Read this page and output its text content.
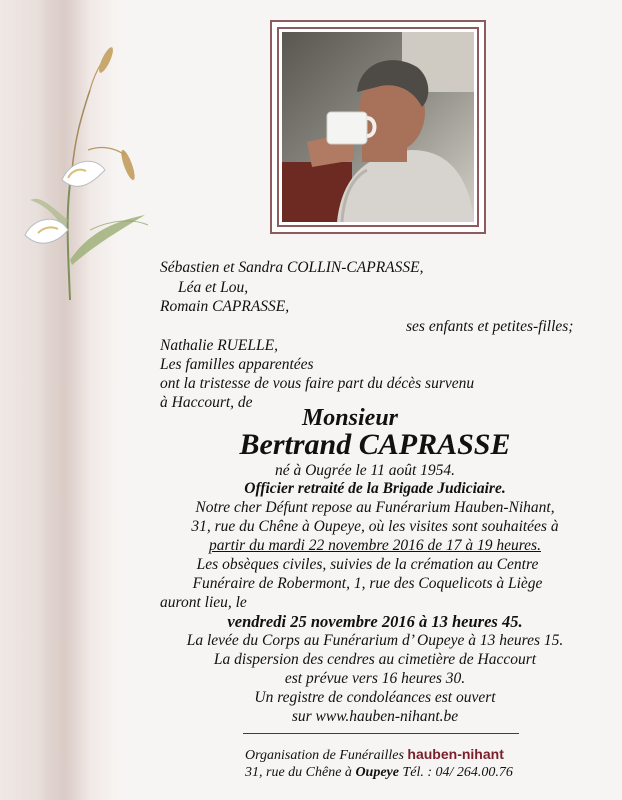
Sébastien et Sandra COLLIN-CAPRASSE,
Léa et Lou,
Romain CAPRASSE,
ses enfants et petites-filles;
Nathalie RUELLE,
Les familles apparentées
ont la tristesse de vous faire part du décès survenu
à Haccourt, de
Monsieur
Bertrand CAPRASSE
né à Ougrée le 11 août 1954.
Officier retraité de la Brigade Judiciaire.
Notre cher Défunt repose au Funérarium Hauben-Nihant,
31, rue du Chêne à Oupeye, où les visites sont souhaitées à
partir du mardi 22 novembre 2016 de 17 à 19 heures.
Les obsèques civiles, suivies de la crémation au Centre
Funéraire de Robermont, 1, rue des Coquelicots à Liège
auront lieu, le
vendredi 25 novembre 2016 à 13 heures 45.
La levée du Corps au Funérarium d’ Oupeye à 13 heures 15.
La dispersion des cendres au cimetière de Haccourt
est prévue vers 16 heures 30.
Un registre de condoléances est ouvert
sur www.hauben-nihant.be
Organisation de Funérailles hauben-nihant
31, rue du Chêne à Oupeye Tél. : 04/ 264.00.76
